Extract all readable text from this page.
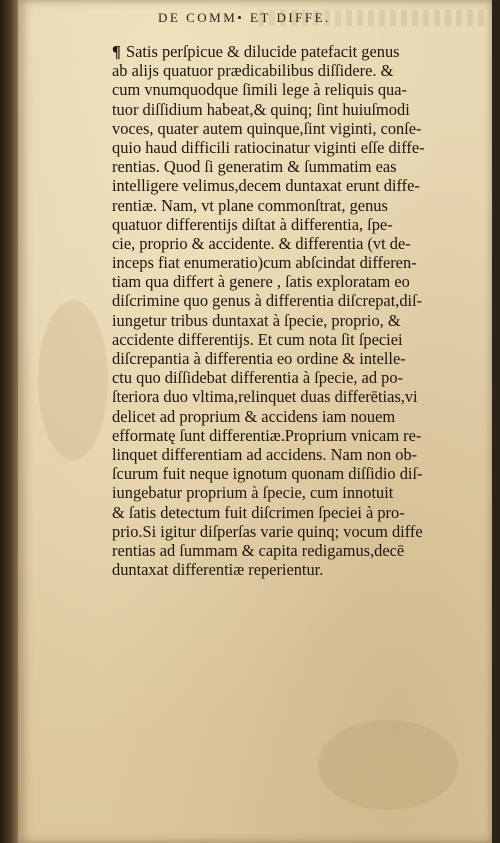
DE COMM• ET DIFFE.
¶ Satis perſpicue & dilucide patefacit genus
ab alijs quatuor prædicabilibus diſſidere. &
cum vnumquodque ſimili lege à reliquis qua-
tuor diſſidium habeat,& quinq; ſint huiuſmodi
voces, quater autem quinque,ſint viginti, conſe-
quio haud difficili ratiocinatur viginti eſſe diffe-
rentias. Quod ſi generatim & ſummatim eas
intelligere velimus,decem duntaxat erunt diffe-
rentiæ. Nam, vt plane commonſtrat, genus
quatuor differentijs diſtat à differentia, ſpe-
cie, proprio & accidente. & differentia (vt de-
inceps fiat enumeratio)cum abſcindat differen-
tiam qua differt à genere , ſatis exploratam eo
diſcrimine quo genus à differentia diſcrepat,diſ-
iungetur tribus duntaxat à ſpecie, proprio, &
accidente differentijs. Et cum nota ſit ſpeciei
diſcrepantia à differentia eo ordine & intelle-
ctu quo diſſidebat differentia à ſpecie, ad po-
ſteriora duo vltima,relinquet duas differētias,vi
delicet ad proprium & accidens iam nouem
efformatę ſunt differentiæ.Proprium vnicam re-
linquet differentiam ad accidens. Nam non ob-
ſcurum fuit neque ignotum quonam diſſidio diſ-
iungebatur proprium à ſpecie, cum innotuit
& ſatis detectum fuit diſcrimen ſpeciei à pro-
prio.Si igitur diſperſas varie quinq; vocum diffe
rentias ad ſummam & capita redigamus,decē
duntaxat differentiæ reperientur.
